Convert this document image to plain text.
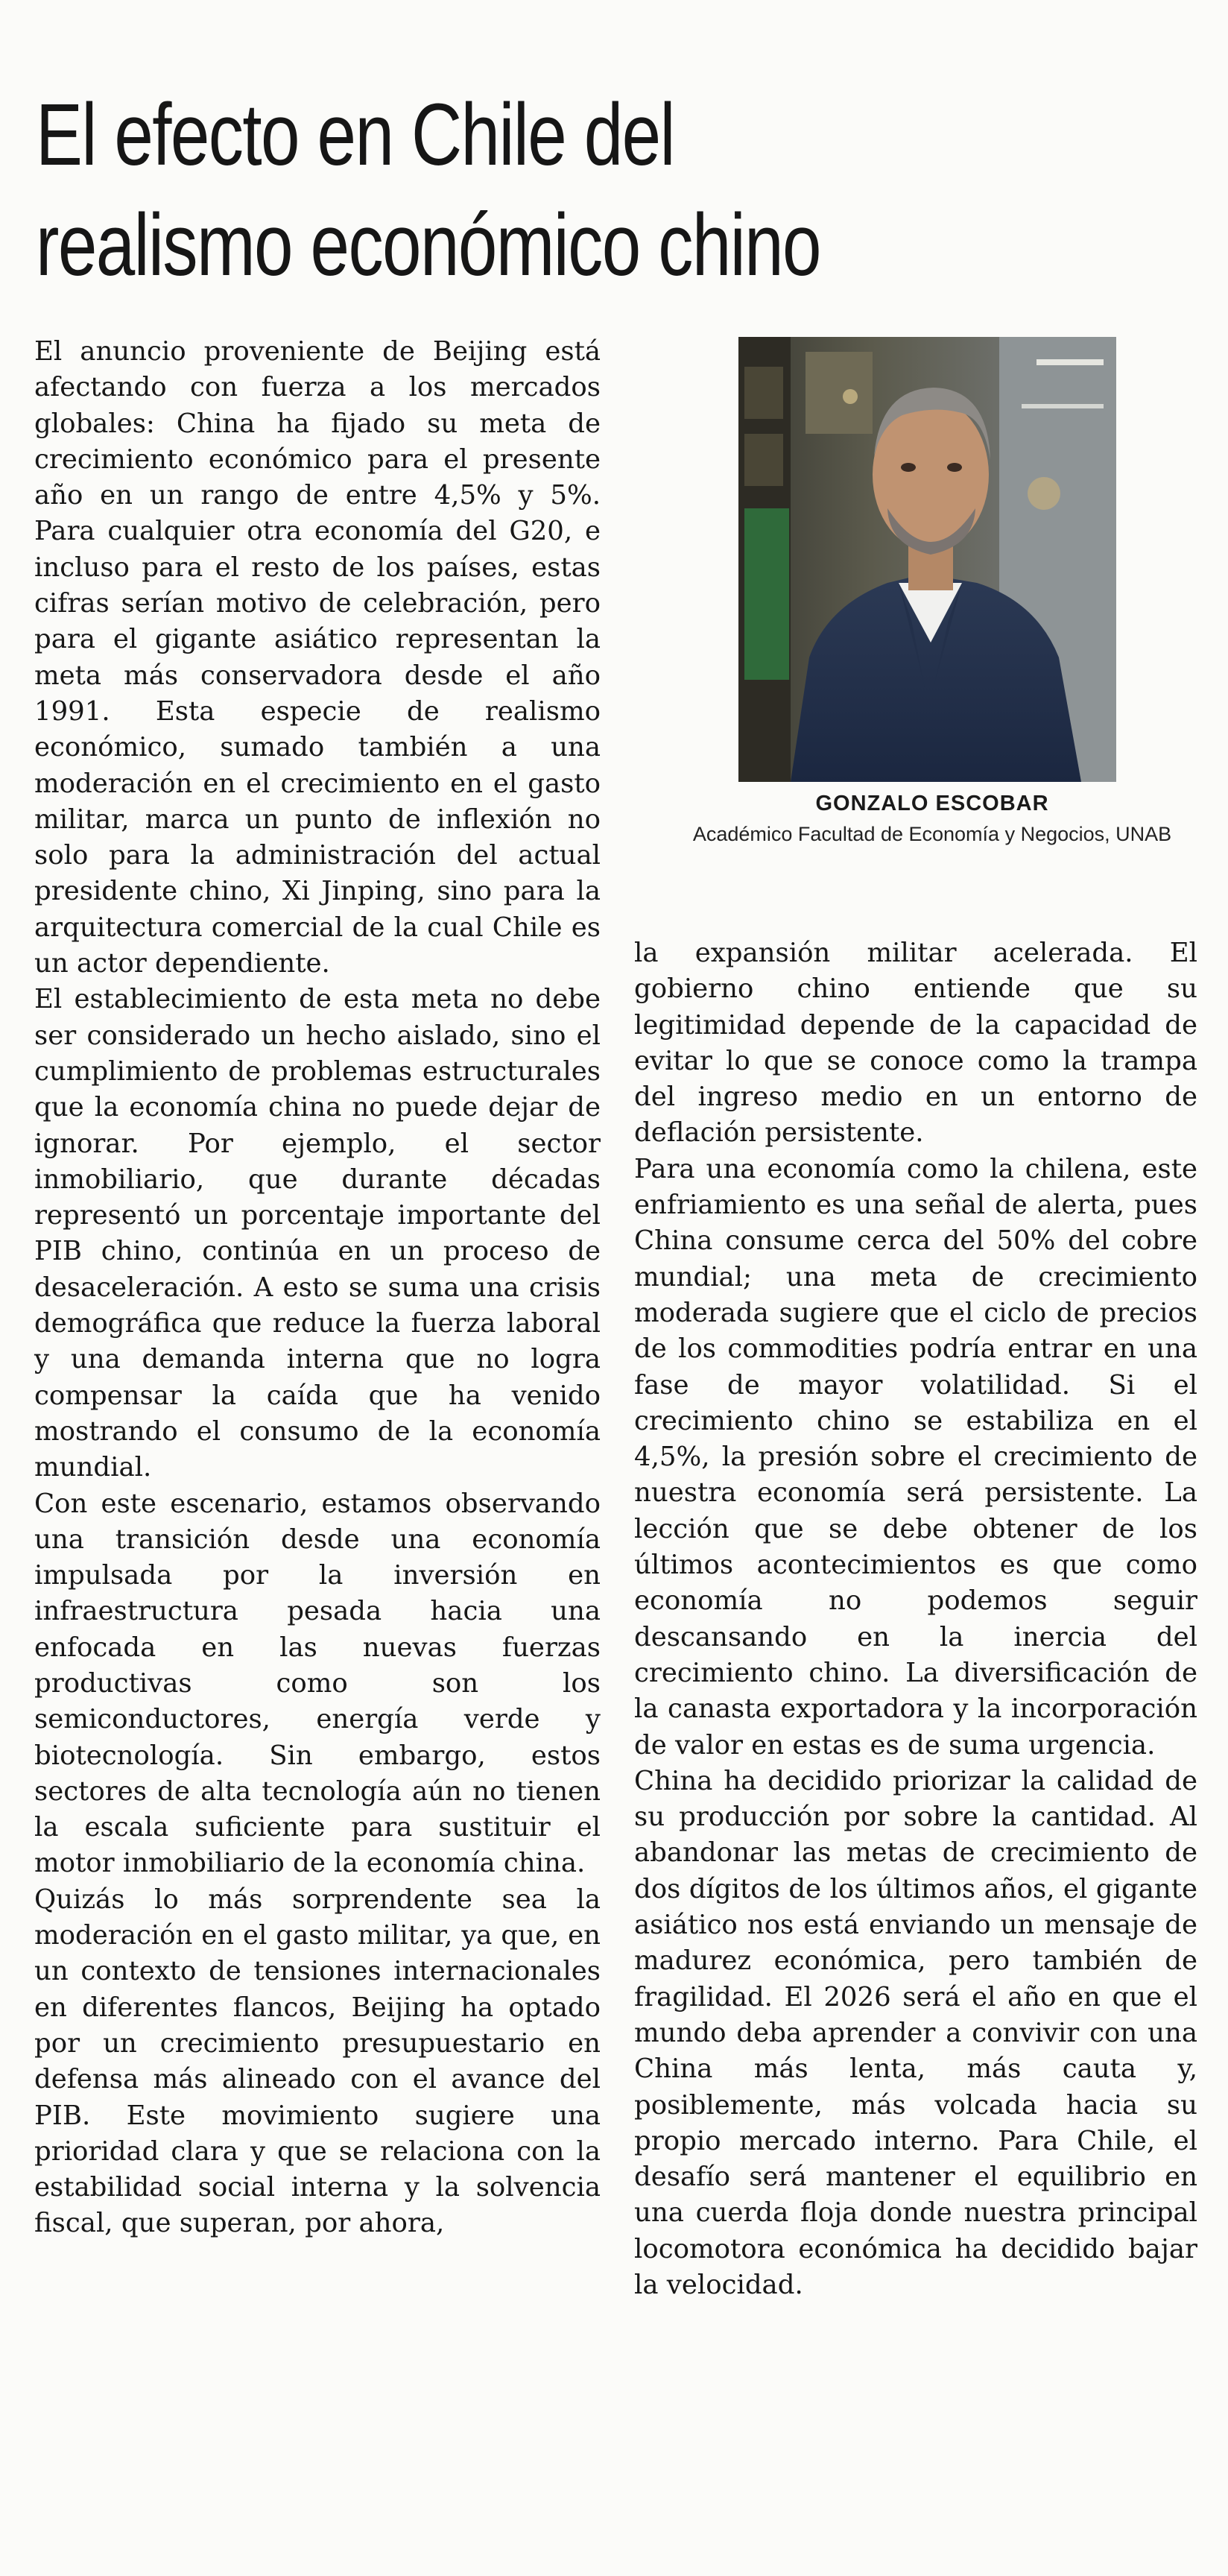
El efecto en Chile del
realismo económico chino

El anuncio proveniente de Beijing está afectando con fuerza a los mercados globales: China ha fijado su meta de crecimiento económico para el presente año en un rango de entre 4,5% y 5%. Para cualquier otra economía del G20, e incluso para el resto de los países, estas cifras serían motivo de celebración, pero para el gigante asiático representan la meta más conservadora desde el año 1991. Esta especie de realismo económico, sumado también a una moderación en el crecimiento en el gasto militar, marca un punto de inflexión no solo para la administración del actual presidente chino, Xi Jinping, sino para la arquitectura comercial de la cual Chile es un actor dependiente.

El establecimiento de esta meta no debe ser considerado un hecho aislado, sino el cumplimiento de problemas estructurales que la economía china no puede dejar de ignorar. Por ejemplo, el sector inmobiliario, que durante décadas representó un porcentaje importante del PIB chino, continúa en un proceso de desaceleración. A esto se suma una crisis demográfica que reduce la fuerza laboral y una demanda interna que no logra compensar la caída que ha venido mostrando el consumo de la economía mundial.

Con este escenario, estamos observando una transición desde una economía impulsada por la inversión en infraestructura pesada hacia una enfocada en las nuevas fuerzas productivas como son los semiconductores, energía verde y biotecnología. Sin embargo, estos sectores de alta tecnología aún no tienen la escala suficiente para sustituir el motor inmobiliario de la economía china.

Quizás lo más sorprendente sea la moderación en el gasto militar, ya que, en un contexto de tensiones internacionales en diferentes flancos, Beijing ha optado por un crecimiento presupuestario en defensa más alineado con el avance del PIB. Este movimiento sugiere una prioridad clara y que se relaciona con la estabilidad social interna y la solvencia fiscal, que superan, por ahora,

GONZALO ESCOBAR
Académico Facultad de Economía y Negocios, UNAB

la expansión militar acelerada. El gobierno chino entiende que su legitimidad depende de la capacidad de evitar lo que se conoce como la trampa del ingreso medio en un entorno de deflación persistente.

Para una economía como la chilena, este enfriamiento es una señal de alerta, pues China consume cerca del 50% del cobre mundial; una meta de crecimiento moderada sugiere que el ciclo de precios de los commodities podría entrar en una fase de mayor volatilidad. Si el crecimiento chino se estabiliza en el 4,5%, la presión sobre el crecimiento de nuestra economía será persistente. La lección que se debe obtener de los últimos acontecimientos es que como economía no podemos seguir descansando en la inercia del crecimiento chino. La diversificación de la canasta exportadora y la incorporación de valor en estas es de suma urgencia.

China ha decidido priorizar la calidad de su producción por sobre la cantidad. Al abandonar las metas de crecimiento de dos dígitos de los últimos años, el gigante asiático nos está enviando un mensaje de madurez económica, pero también de fragilidad. El 2026 será el año en que el mundo deba aprender a convivir con una China más lenta, más cauta y, posiblemente, más volcada hacia su propio mercado interno. Para Chile, el desafío será mantener el equilibrio en una cuerda floja donde nuestra principal locomotora económica ha decidido bajar la velocidad.
